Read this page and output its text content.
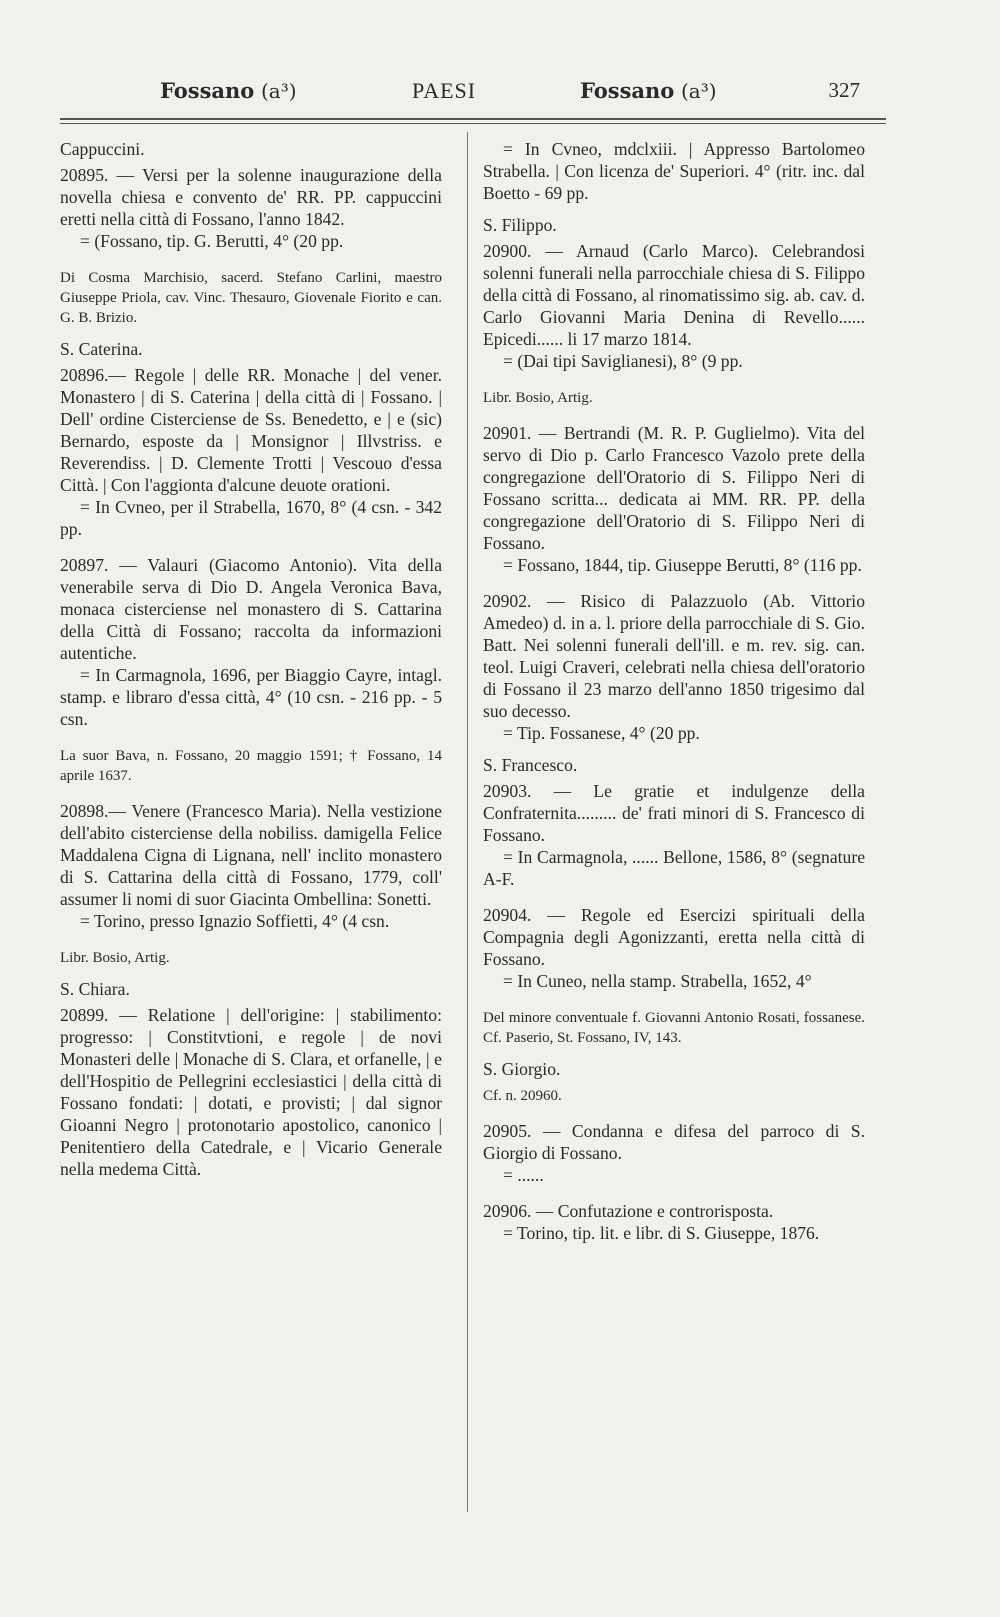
Fossano (a³)	PAESI	Fossano (a³)	327

Cappuccini.

20895. — Versi per la solenne inaugurazione della novella chiesa e convento de' RR. PP. cappuccini eretti nella città di Fossano, l'anno 1842.

= (Fossano, tip. G. Berutti, 4° (20 pp.

Di Cosma Marchisio, sacerd. Stefano Carlini, maestro Giuseppe Priola, cav. Vinc. Thesauro, Giovenale Fiorito e can. G. B. Brizio.

S. Caterina.

20896.— Regole | delle RR. Monache | del vener. Monastero | di S. Caterina | della città di | Fossano. | Dell' ordine Cisterciense de Ss. Benedetto, e | e (sic) Bernardo, esposte da | Monsignor | Illvstriss. e Reverendiss. | D. Clemente Trotti | Vescouo d'essa Città. | Con l'aggionta d'alcune deuote orationi.

= In Cvneo, per il Strabella, 1670, 8° (4 csn. - 342 pp.

20897. — Valauri (Giacomo Antonio). Vita della venerabile serva di Dio D. Angela Veronica Bava, monaca cisterciense nel monastero di S. Cattarina della Città di Fossano; raccolta da informazioni autentiche.

= In Carmagnola, 1696, per Biaggio Cayre, intagl. stamp. e libraro d'essa città, 4° (10 csn. - 216 pp. - 5 csn.

La suor Bava, n. Fossano, 20 maggio 1591; † Fossano, 14 aprile 1637.

20898.— Venere (Francesco Maria). Nella vestizione dell'abito cisterciense della nobiliss. damigella Felice Maddalena Cigna di Lignana, nell' inclito monastero di S. Cattarina della città di Fossano, 1779, coll' assumer li nomi di suor Giacinta Ombellina: Sonetti.

= Torino, presso Ignazio Soffietti, 4° (4 csn.

Libr. Bosio, Artig.

S. Chiara.

20899. — Relatione | dell'origine: | stabilimento: progresso: | Constitvtioni, e regole | de novi Monasteri delle | Monache di S. Clara, et orfanelle, | e dell'Hospitio de Pellegrini ecclesiastici | della città di Fossano fondati: | dotati, e provisti; | dal signor Gioanni Negro | protonotario apostolico, canonico | Penitentiero della Catedrale, e | Vicario Generale nella medema Città.

= In Cvneo, mdclxiii. | Appresso Bartolomeo Strabella. | Con licenza de' Superiori. 4° (ritr. inc. dal Boetto - 69 pp.

S. Filippo.

20900. — Arnaud (Carlo Marco). Celebrandosi solenni funerali nella parrocchiale chiesa di S. Filippo della città di Fossano, al rinomatissimo sig. ab. cav. d. Carlo Giovanni Maria Denina di Revello...... Epicedi...... li 17 marzo 1814.

= (Dai tipi Saviglianesi), 8° (9 pp.

Libr. Bosio, Artig.

20901. — Bertrandi (M. R. P. Guglielmo). Vita del servo di Dio p. Carlo Francesco Vazolo prete della congregazione dell'Oratorio di S. Filippo Neri di Fossano scritta... dedicata ai MM. RR. PP. della congregazione dell'Oratorio di S. Filippo Neri di Fossano.

= Fossano, 1844, tip. Giuseppe Berutti, 8° (116 pp.

20902. — Risico di Palazzuolo (Ab. Vittorio Amedeo) d. in a. l. priore della parrocchiale di S. Gio. Batt. Nei solenni funerali dell'ill. e m. rev. sig. can. teol. Luigi Craveri, celebrati nella chiesa dell'oratorio di Fossano il 23 marzo dell'anno 1850 trigesimo dal suo decesso.

= Tip. Fossanese, 4° (20 pp.

S. Francesco.

20903. — Le gratie et indulgenze della Confraternita......... de' frati minori di S. Francesco di Fossano.

= In Carmagnola, ...... Bellone, 1586, 8° (segnature A-F.

20904. — Regole ed Esercizi spirituali della Compagnia degli Agonizzanti, eretta nella città di Fossano.

= In Cuneo, nella stamp. Strabella, 1652, 4°

Del minore conventuale f. Giovanni Antonio Rosati, fossanese. Cf. Paserio, St. Fossano, IV, 143.

S. Giorgio.

Cf. n. 20960.

20905. — Condanna e difesa del parroco di S. Giorgio di Fossano.

= ......

20906. — Confutazione e controrisposta.

= Torino, tip. lit. e libr. di S. Giuseppe, 1876.
